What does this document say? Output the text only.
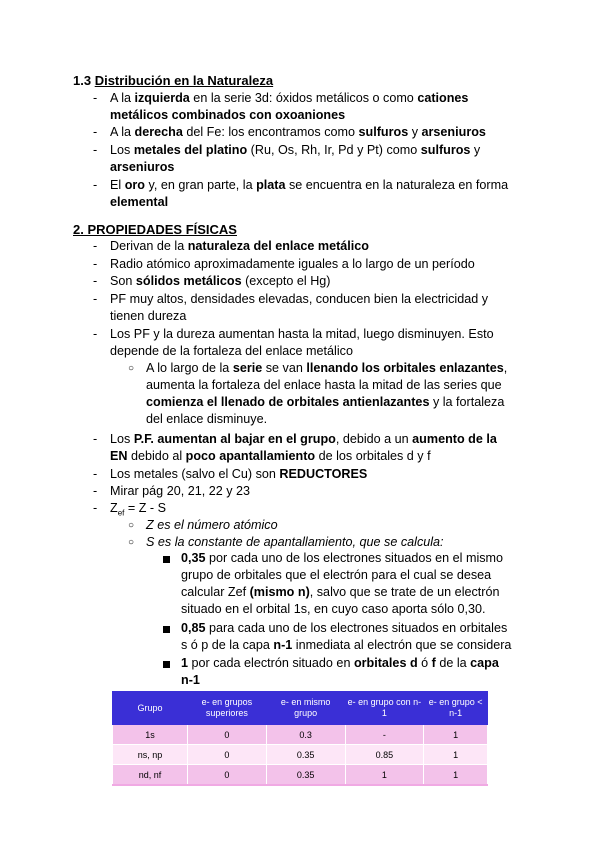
1.3 Distribución en la Naturaleza
- A la izquierda en la serie 3d: óxidos metálicos o como cationes
metálicos combinados con oxoaniones
- A la derecha del Fe: los encontramos como sulfuros y arseniuros
- Los metales del platino (Ru, Os, Rh, Ir, Pd y Pt) como sulfuros y
arseniuros
- El oro y, en gran parte, la plata se encuentra en la naturaleza en forma
elemental
2. PROPIEDADES FÍSICAS
- Derivan de la naturaleza del enlace metálico
- Radio atómico aproximadamente iguales a lo largo de un período
- Son sólidos metálicos (excepto el Hg)
- PF muy altos, densidades elevadas, conducen bien la electricidad y
tienen dureza
- Los PF y la dureza aumentan hasta la mitad, luego disminuyen. Esto
depende de la fortaleza del enlace metálico
○ A lo largo de la serie se van llenando los orbitales enlazantes,
aumenta la fortaleza del enlace hasta la mitad de las series que
comienza el llenado de orbitales antienlazantes y la fortaleza
del enlace disminuye.
- Los P.F. aumentan al bajar en el grupo, debido a un aumento de la
EN debido al poco apantallamiento de los orbitales d y f
- Los metales (salvo el Cu) son REDUCTORES
- Mirar pág 20, 21, 22 y 23
- $Z_{ef} = Z - S$
○ Z es el número atómico
○ S es la constante de apantallamiento, que se calcula:
0,35 por cada uno de los electrones situados en el mismo
grupo de orbitales que el electrón para el cual se desea
calcular Zef (mismo n), salvo que se trate de un electrón
situado en el orbital 1s, en cuyo caso aporta sólo 0,30.
0,85 para cada uno de los electrones situados en orbitales
s ó p de la capa n-1 inmediata al electrón que se considera
1 por cada electrón situado en orbitales d ó f de la capa
n-1
Grupo	e- en grupos superiores	e- en mismo grupo	e- en grupo con n-1	e- en grupo < n-1
1s	0	0.3	-	1
ns, np	0	0.35	0.85	1
nd, nf	0	0.35	1	1
